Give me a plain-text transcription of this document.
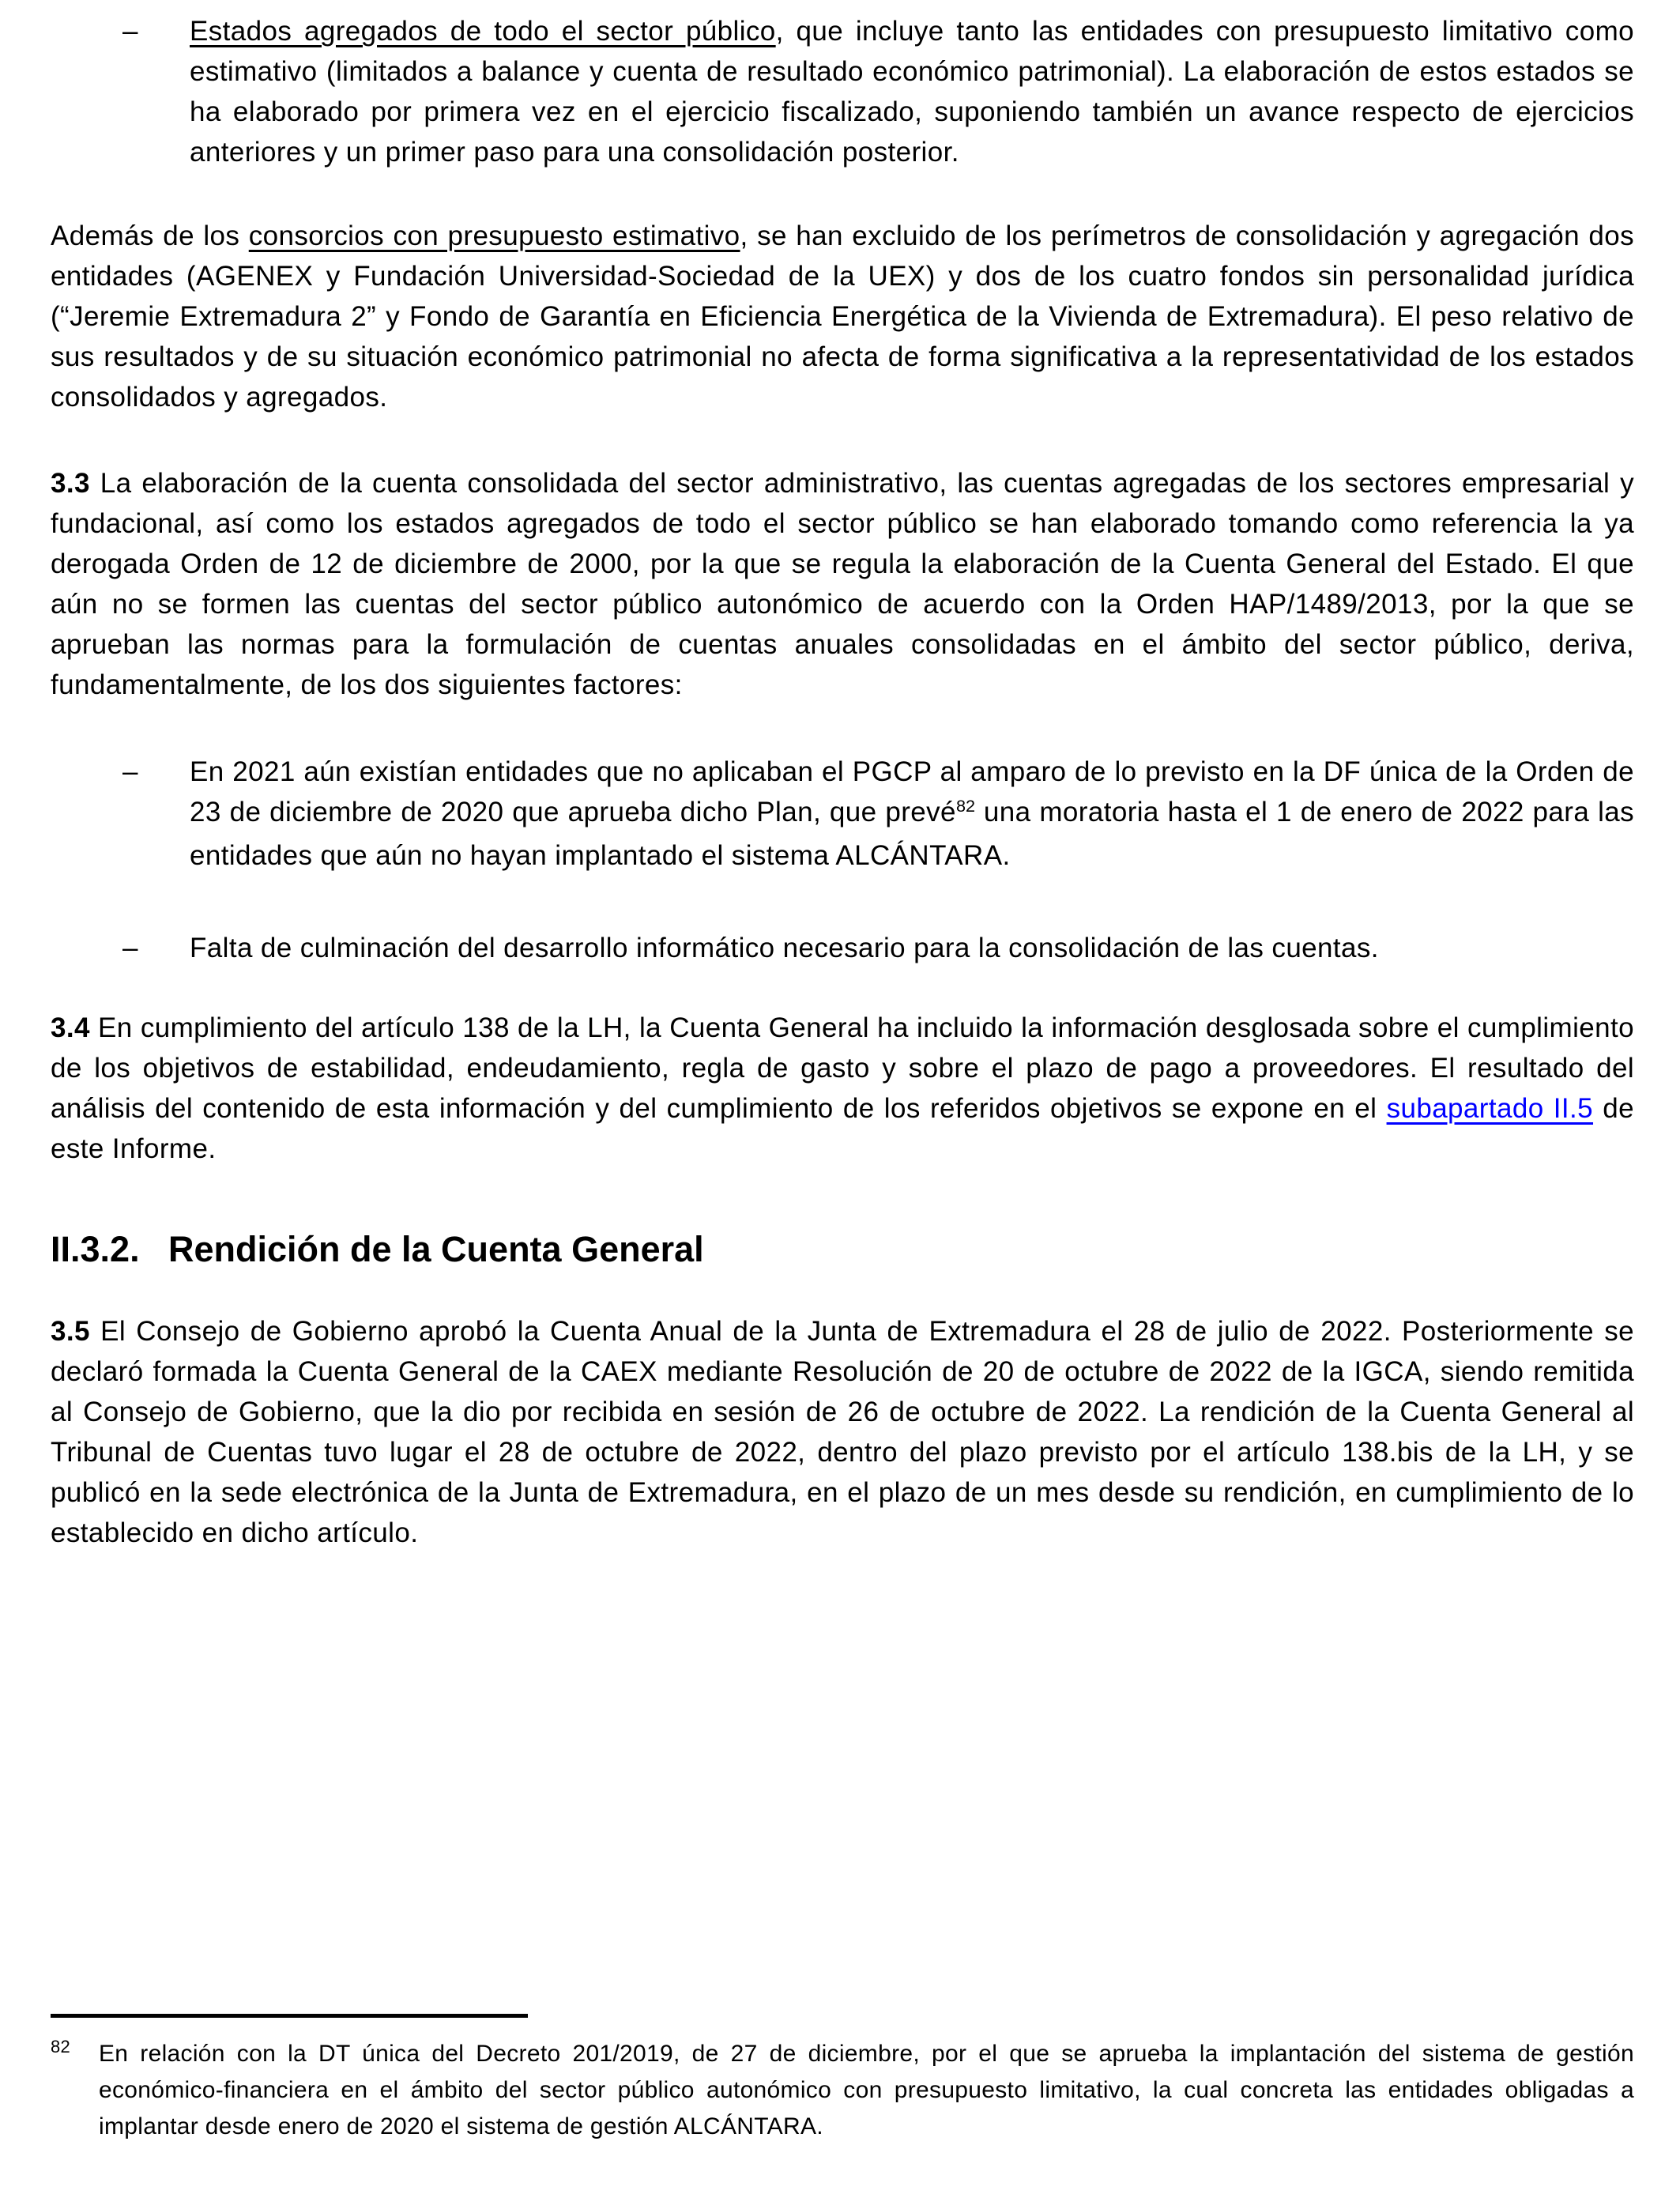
– Estados agregados de todo el sector público, que incluye tanto las entidades con presupuesto limitativo como estimativo (limitados a balance y cuenta de resultado económico patrimonial). La elaboración de estos estados se ha elaborado por primera vez en el ejercicio fiscalizado, suponiendo también un avance respecto de ejercicios anteriores y un primer paso para una consolidación posterior.
Además de los consorcios con presupuesto estimativo, se han excluido de los perímetros de consolidación y agregación dos entidades (AGENEX y Fundación Universidad-Sociedad de la UEX) y dos de los cuatro fondos sin personalidad jurídica (“Jeremie Extremadura 2” y Fondo de Garantía en Eficiencia Energética de la Vivienda de Extremadura). El peso relativo de sus resultados y de su situación económico patrimonial no afecta de forma significativa a la representatividad de los estados consolidados y agregados.
3.3 La elaboración de la cuenta consolidada del sector administrativo, las cuentas agregadas de los sectores empresarial y fundacional, así como los estados agregados de todo el sector público se han elaborado tomando como referencia la ya derogada Orden de 12 de diciembre de 2000, por la que se regula la elaboración de la Cuenta General del Estado. El que aún no se formen las cuentas del sector público autonómico de acuerdo con la Orden HAP/1489/2013, por la que se aprueban las normas para la formulación de cuentas anuales consolidadas en el ámbito del sector público, deriva, fundamentalmente, de los dos siguientes factores:
– En 2021 aún existían entidades que no aplicaban el PGCP al amparo de lo previsto en la DF única de la Orden de 23 de diciembre de 2020 que aprueba dicho Plan, que prevé$^{82}$ una moratoria hasta el 1 de enero de 2022 para las entidades que aún no hayan implantado el sistema ALCÁNTARA.
– Falta de culminación del desarrollo informático necesario para la consolidación de las cuentas.
3.4 En cumplimiento del artículo 138 de la LH, la Cuenta General ha incluido la información desglosada sobre el cumplimiento de los objetivos de estabilidad, endeudamiento, regla de gasto y sobre el plazo de pago a proveedores. El resultado del análisis del contenido de esta información y del cumplimiento de los referidos objetivos se expone en el subapartado II.5 de este Informe.
II.3.2. Rendición de la Cuenta General
3.5 El Consejo de Gobierno aprobó la Cuenta Anual de la Junta de Extremadura el 28 de julio de 2022. Posteriormente se declaró formada la Cuenta General de la CAEX mediante Resolución de 20 de octubre de 2022 de la IGCA, siendo remitida al Consejo de Gobierno, que la dio por recibida en sesión de 26 de octubre de 2022. La rendición de la Cuenta General al Tribunal de Cuentas tuvo lugar el 28 de octubre de 2022, dentro del plazo previsto por el artículo 138.bis de la LH, y se publicó en la sede electrónica de la Junta de Extremadura, en el plazo de un mes desde su rendición, en cumplimiento de lo establecido en dicho artículo.
82 En relación con la DT única del Decreto 201/2019, de 27 de diciembre, por el que se aprueba la implantación del sistema de gestión económico-financiera en el ámbito del sector público autonómico con presupuesto limitativo, la cual concreta las entidades obligadas a implantar desde enero de 2020 el sistema de gestión ALCÁNTARA.
